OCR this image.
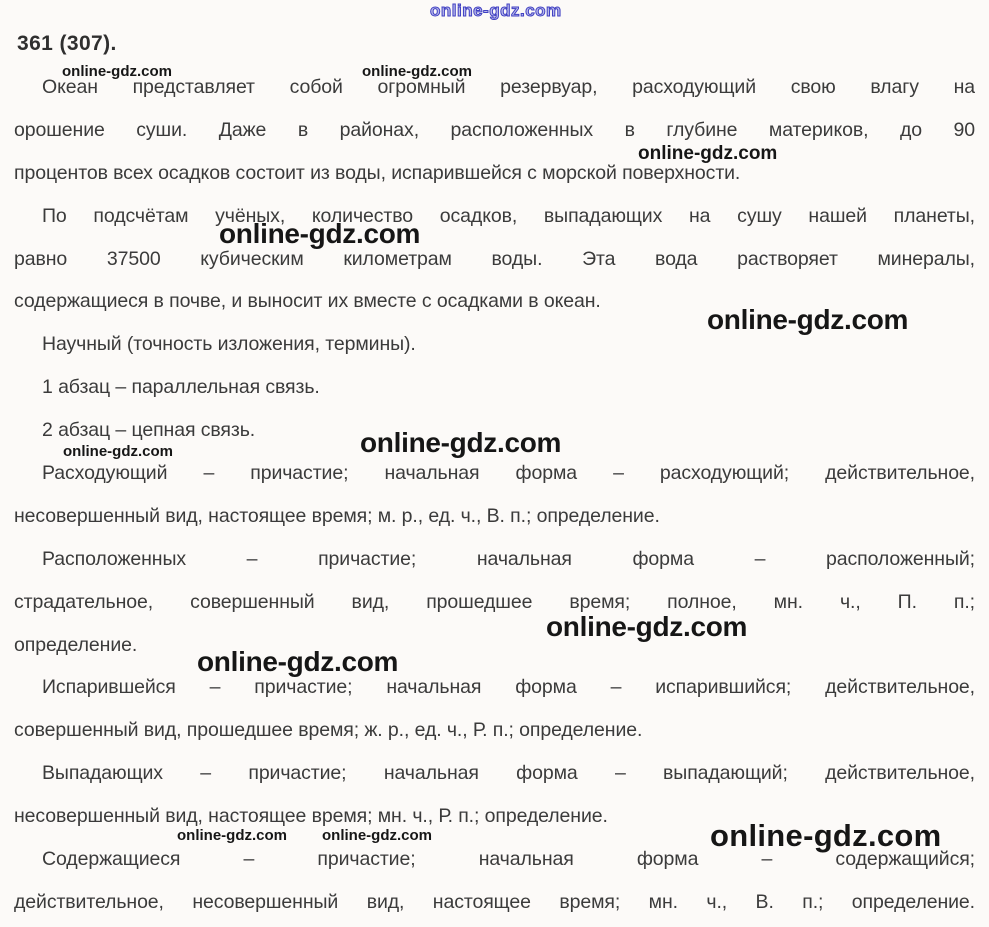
361 (307).
Океан представляет собой огромный резервуар, расходующий свою влагу на
орошение суши. Даже в районах, расположенных в глубине материков, до 90
процентов всех осадков состоит из воды, испарившейся с морской поверхности.
По подсчётам учёных, количество осадков, выпадающих на сушу нашей планеты,
равно 37500 кубическим километрам воды. Эта вода растворяет минералы,
содержащиеся в почве, и выносит их вместе с осадками в океан.
Научный (точность изложения, термины).
1 абзац – параллельная связь.
2 абзац – цепная связь.
Расходующий – причастие; начальная форма – расходующий; действительное,
несовершенный вид, настоящее время; м. р., ед. ч., В. п.; определение.
Расположенных – причастие; начальная форма – расположенный;
страдательное, совершенный вид, прошедшее время; полное, мн. ч., П. п.;
определение.
Испарившейся – причастие; начальная форма – испарившийся; действительное,
совершенный вид, прошедшее время; ж. р., ед. ч., Р. п.; определение.
Выпадающих – причастие; начальная форма – выпадающий; действительное,
несовершенный вид, настоящее время; мн. ч., Р. п.; определение.
Содержащиеся – причастие; начальная форма – содержащийся;
действительное, несовершенный вид, настоящее время; мн. ч., В. п.; определение.
online-gdz.com
online-gdz.com	online-gdz.com
online-gdz.com
online-gdz.com
online-gdz.com
online-gdz.com
online-gdz.com
online-gdz.com
online-gdz.com
online-gdz.com online-gdz.com	online-gdz.com
